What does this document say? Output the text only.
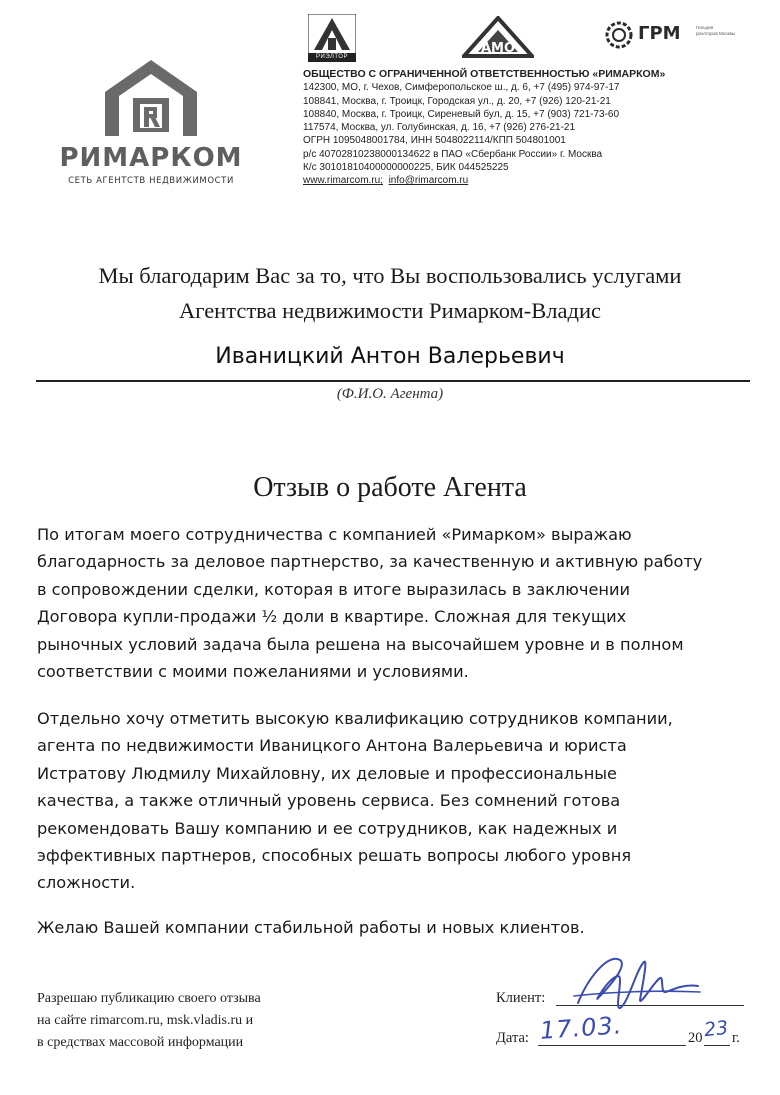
РИМАРКОМ
СЕТЬ АГЕНТСТВ НЕДВИЖИМОСТИ
РИЭЛТОР
АМО
ГРМ	Гильдия риэлторов Москвы
ОБЩЕСТВО С ОГРАНИЧЕННОЙ ОТВЕТСТВЕННОСТЬЮ «РИМАРКОМ»
142300, МО, г. Чехов, Симферопольское ш., д. 6, +7 (495) 974-97-17
108841, Москва, г. Троицк, Городская ул., д. 20, +7 (926) 120-21-21
108840, Москва, г. Троицк, Сиреневый бул, д. 15, +7 (903) 721-73-60
117574, Москва, ул. Голубинская, д. 16, +7 (926) 276-21-21
ОГРН 1095048001784, ИНН 5048022114/КПП 504801001
р/с 40702810238000134622 в ПАО «Сбербанк России» г. Москва
К/с 30101810400000000225, БИК 044525225
www.rimarcom.ru; info@rimarcom.ru
Мы благодарим Вас за то, что Вы воспользовались услугами
Агентства недвижимости Римарком-Владис
Иваницкий Антон Валерьевич
(Ф.И.О. Агента)
Отзыв о работе Агента
По итогам моего сотрудничества с компанией «Римарком» выражаю
благодарность за деловое партнерство, за качественную и активную работу
в сопровождении сделки, которая в итоге выразилась в заключении
Договора купли-продажи ½ доли в квартире. Сложная для текущих
рыночных условий задача была решена на высочайшем уровне и в полном
соответствии с моими пожеланиями и условиями.
Отдельно хочу отметить высокую квалификацию сотрудников компании,
агента по недвижимости Иваницкого Антона Валерьевича и юриста
Истратову Людмилу Михайловну, их деловые и профессиональные
качества, а также отличный уровень сервиса. Без сомнений готова
рекомендовать Вашу компанию и ее сотрудников, как надежных и
эффективных партнеров, способных решать вопросы любого уровня
сложности.
Желаю Вашей компании стабильной работы и новых клиентов.
Разрешаю публикацию своего отзыва
на сайте rimarcom.ru, msk.vladis.ru и
в средствах массовой информации
Клиент:
Дата: 17.03.	20 23 г.
